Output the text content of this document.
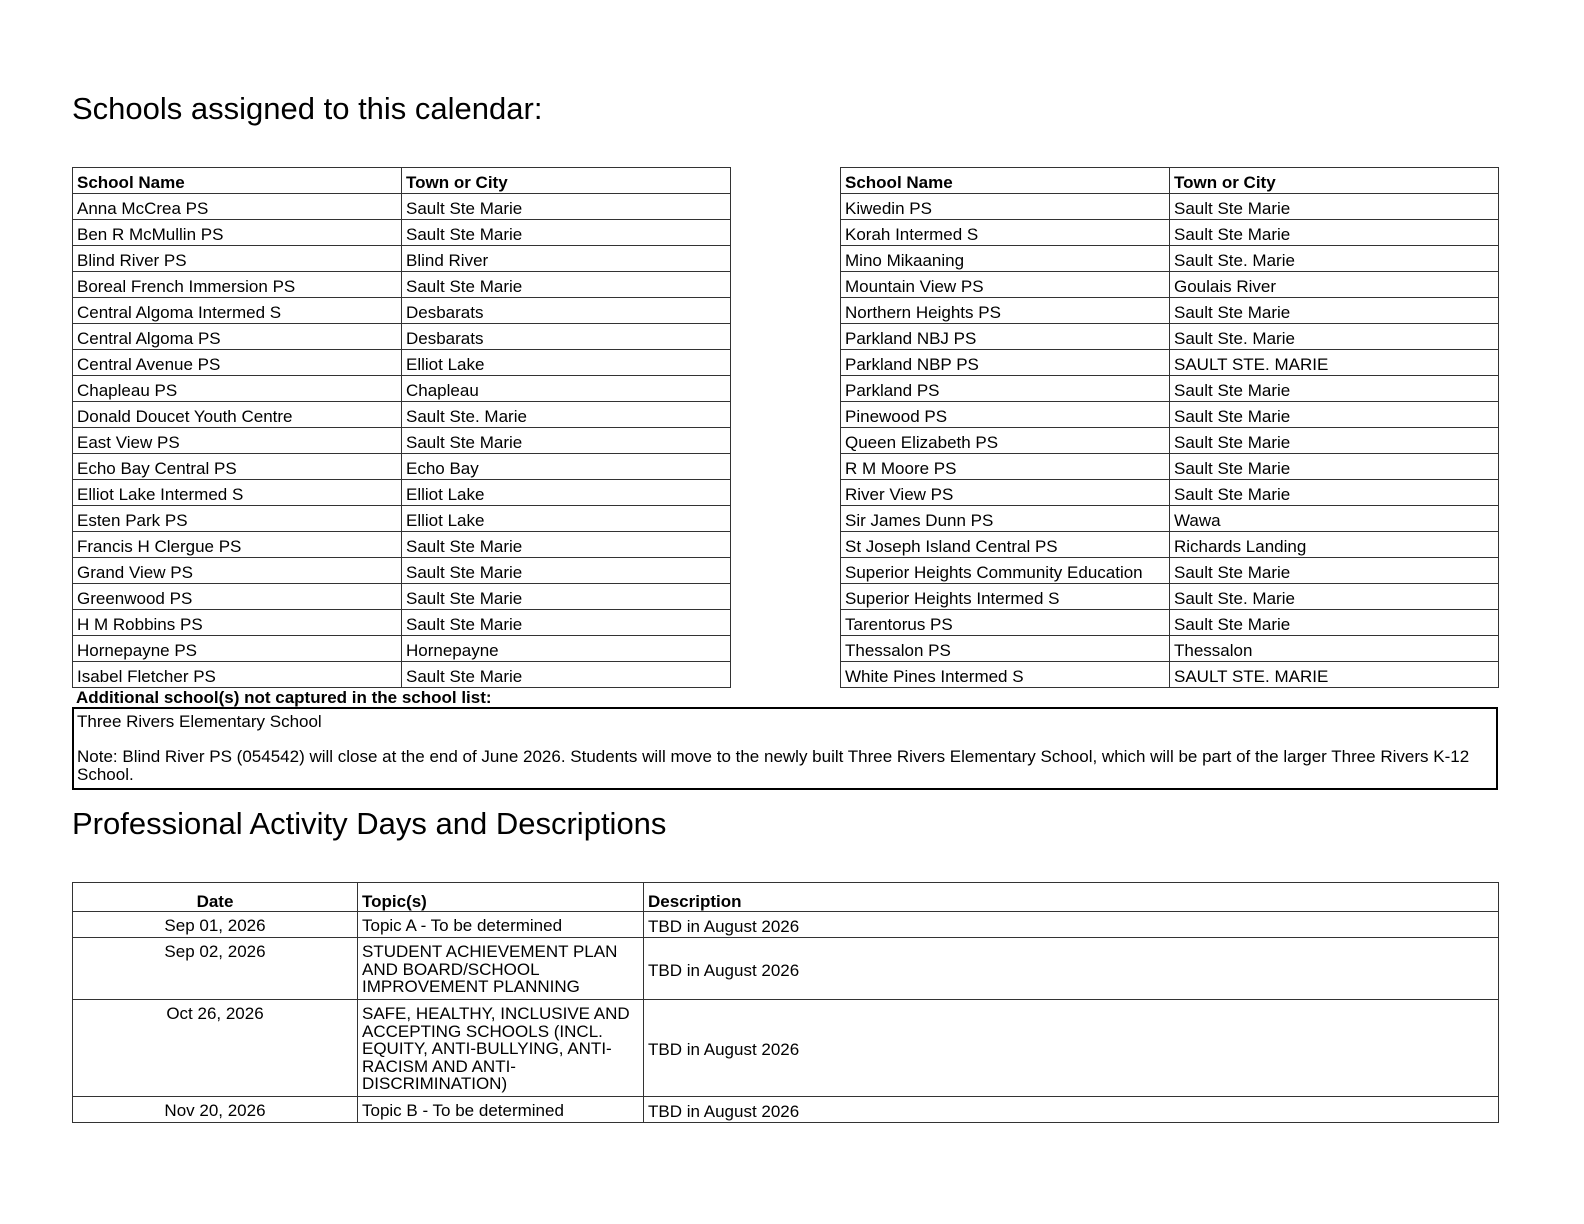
Schools assigned to this calendar:
School Name	Town or City
Anna McCrea PS	Sault Ste Marie
Ben R McMullin PS	Sault Ste Marie
Blind River PS	Blind River
Boreal French Immersion PS	Sault Ste Marie
Central Algoma Intermed S	Desbarats
Central Algoma PS	Desbarats
Central Avenue PS	Elliot Lake
Chapleau PS	Chapleau
Donald Doucet Youth Centre	Sault Ste. Marie
East View PS	Sault Ste Marie
Echo Bay Central PS	Echo Bay
Elliot Lake Intermed S	Elliot Lake
Esten Park PS	Elliot Lake
Francis H Clergue PS	Sault Ste Marie
Grand View PS	Sault Ste Marie
Greenwood PS	Sault Ste Marie
H M Robbins PS	Sault Ste Marie
Hornepayne PS	Hornepayne
Isabel Fletcher PS	Sault Ste Marie
School Name	Town or City
Kiwedin PS	Sault Ste Marie
Korah Intermed S	Sault Ste Marie
Mino Mikaaning	Sault Ste. Marie
Mountain View PS	Goulais River
Northern Heights PS	Sault Ste Marie
Parkland NBJ PS	Sault Ste. Marie
Parkland NBP PS	SAULT STE. MARIE
Parkland PS	Sault Ste Marie
Pinewood PS	Sault Ste Marie
Queen Elizabeth PS	Sault Ste Marie
R M Moore PS	Sault Ste Marie
River View PS	Sault Ste Marie
Sir James Dunn PS	Wawa
St Joseph Island Central PS	Richards Landing
Superior Heights Community Education	Sault Ste Marie
Superior Heights Intermed S	Sault Ste. Marie
Tarentorus PS	Sault Ste Marie
Thessalon PS	Thessalon
White Pines Intermed S	SAULT STE. MARIE
Additional school(s) not captured in the school list:

Three Rivers Elementary School

Note: Blind River PS (054542) will close at the end of June 2026. Students will move to the newly built Three Rivers Elementary School, which will be part of the larger Three Rivers K-12 School.

Professional Activity Days and Descriptions
Date	Topic(s)	Description
Sep 01, 2026	Topic A - To be determined	TBD in August 2026
Sep 02, 2026	STUDENT ACHIEVEMENT PLAN AND BOARD/SCHOOL IMPROVEMENT PLANNING	TBD in August 2026
Oct 26, 2026	SAFE, HEALTHY, INCLUSIVE AND ACCEPTING SCHOOLS (INCL. EQUITY, ANTI-BULLYING, ANTI-RACISM AND ANTI-DISCRIMINATION)	TBD in August 2026
Nov 20, 2026	Topic B - To be determined	TBD in August 2026
